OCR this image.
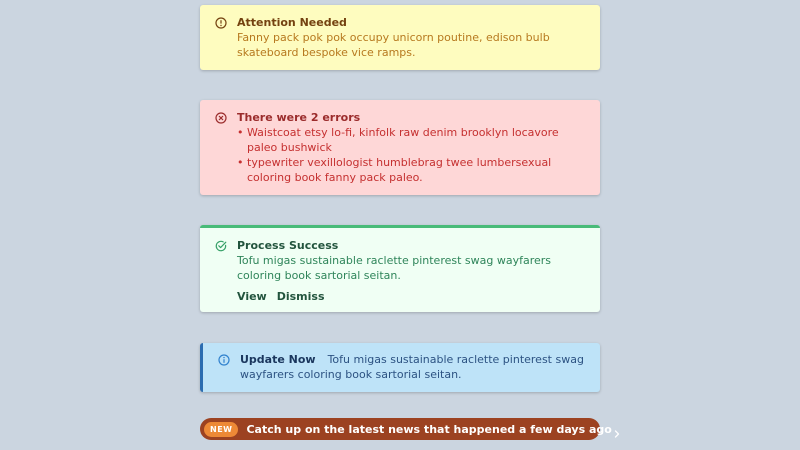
Attention Needed
Fanny pack pok pok occupy unicorn poutine, edison bulb skateboard bespoke vice ramps.
There were 2 errors
• Waistcoat etsy lo-fi, kinfolk raw denim brooklyn locavore paleo bushwick
• typewriter vexillologist humblebrag twee lumbersexual coloring book fanny pack paleo.
Process Success
Tofu migas sustainable raclette pinterest swag wayfarers coloring book sartorial seitan.
View Dismiss
Update Now Tofu migas sustainable raclette pinterest swag wayfarers coloring book sartorial seitan.
NEW	Catch up on the latest news that happened a few days ago
